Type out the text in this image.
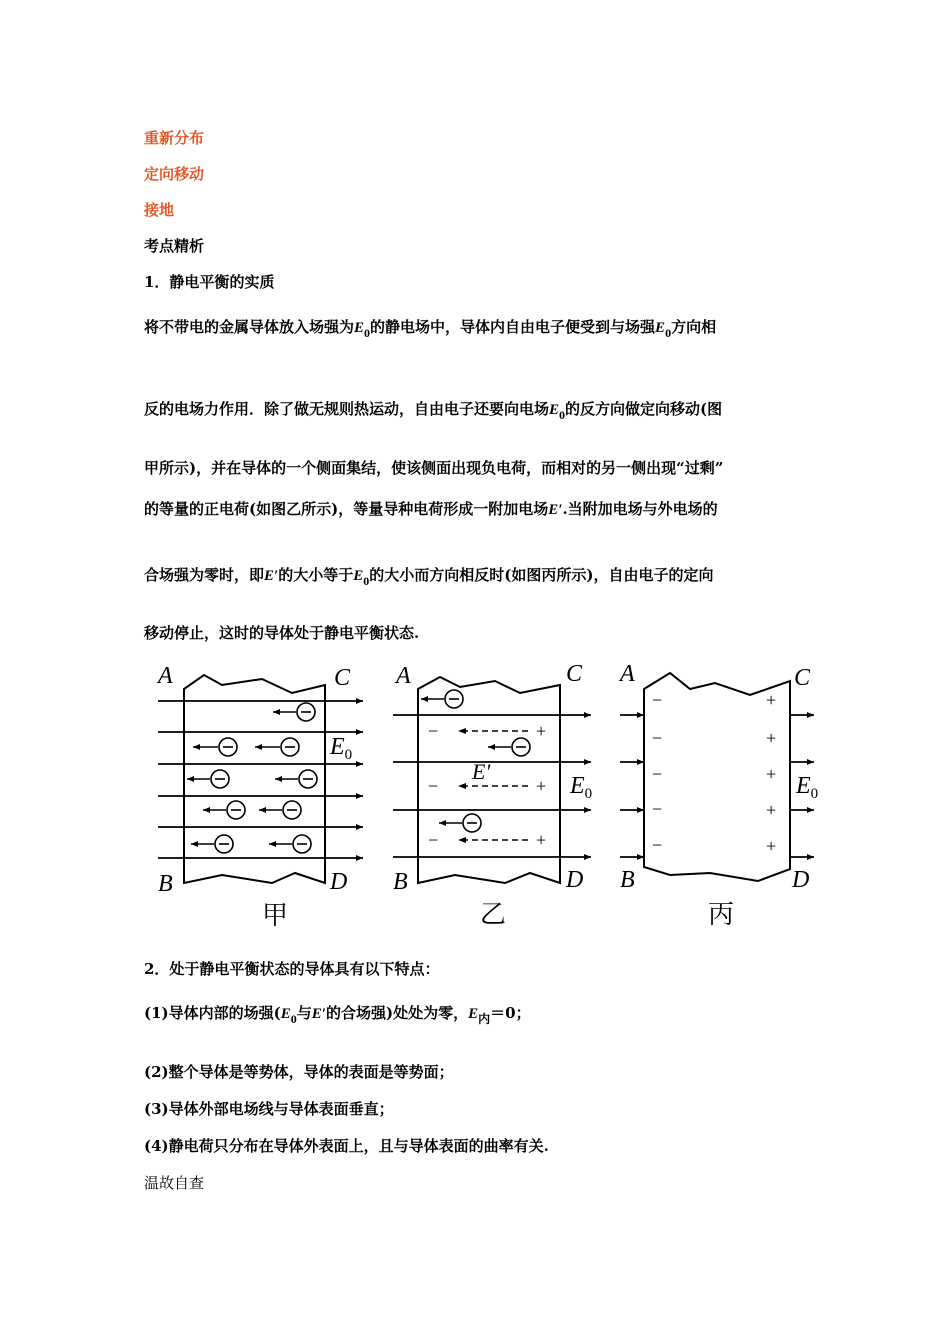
重新分布
定向移动
接地
考点精析
1．静电平衡的实质
将不带电的金属导体放入场强为$E_0$的静电场中，导体内自由电子便受到与场强$E_0$方向相
反的电场力作用．除了做无规则热运动，自由电子还要向电场$E_0$的反方向做定向移动(图
甲所示)，并在导体的一个侧面集结，使该侧面出现负电荷，而相对的另一侧出现“过剩”
的等量的正电荷(如图乙所示)，等量导种电荷形成一附加电场E′.当附加电场与外电场的
合场强为零时，即E′的大小等于$E_0$的大小而方向相反时(如图丙所示)，自由电子的定向
移动停止，这时的导体处于静电平衡状态.
A	C
B	D
$E_0$
甲
−
−
−
+
+
+
E′
A	C
B	D
$E_0$
乙
−
−
−
−
−
+
+
+
+
+
A	C
B	D
$E_0$
丙
2．处于静电平衡状态的导体具有以下特点：
(1)导体内部的场强($E_0$与E′的合场强)处处为零，$E_内=0$；
(2)整个导体是等势体，导体的表面是等势面；
(3)导体外部电场线与导体表面垂直；
(4)静电荷只分布在导体外表面上，且与导体表面的曲率有关.
温故自查
